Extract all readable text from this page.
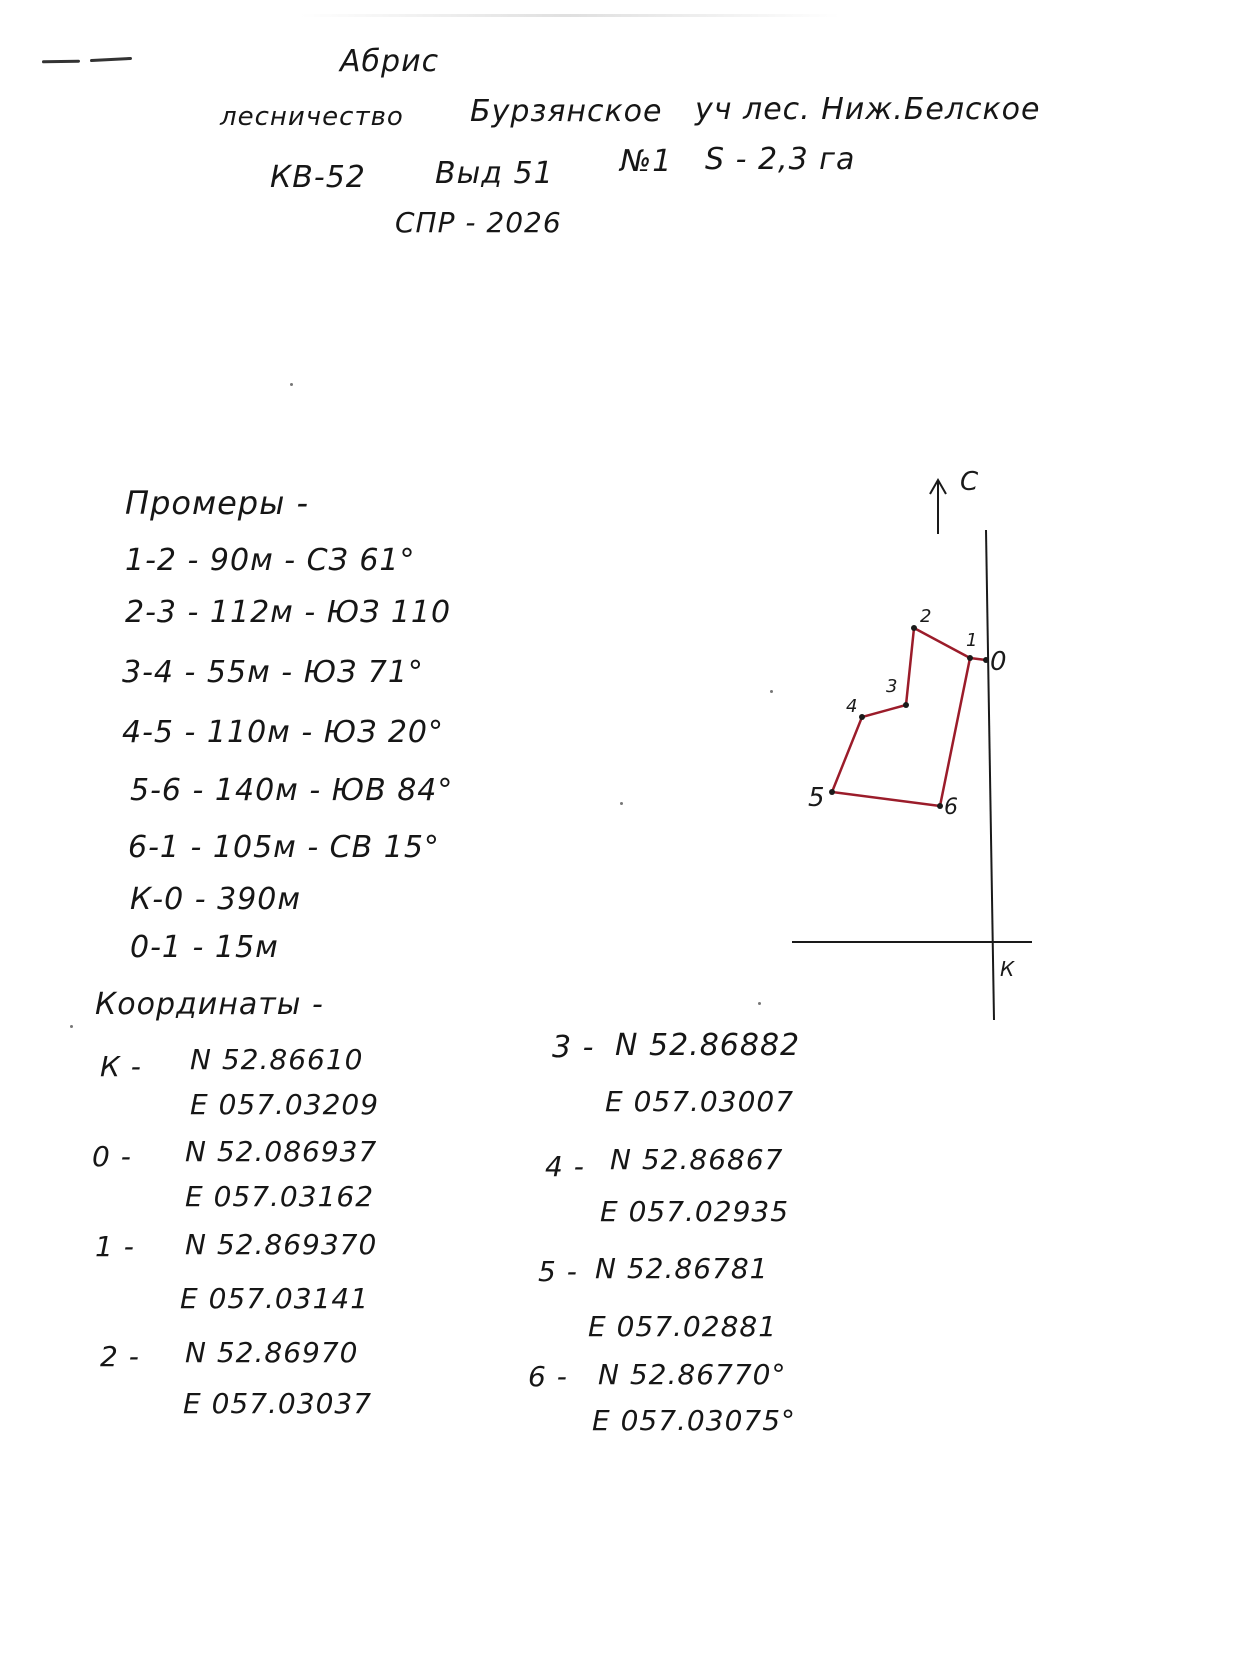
Абрис
лесничество Бурзянское уч лес. Ниж.Белское
КВ-52 Выд 51 №1 S - 2,3 га
СПР - 2026
Промеры -
1-2 - 90м - СЗ 61°
2-3 - 112м - ЮЗ 110
3-4 - 55м - ЮЗ 71°
4-5 - 110м - ЮЗ 20°
5-6 - 140м - ЮВ 84°
6-1 - 105м - СВ 15°
К-0 - 390м
0-1 - 15м
Координаты -
К - N 52.86610
E 057.03209
0 - N 52.086937
E 057.03162
1 - N 52.869370
E 057.03141
2 - N 52.86970
E 057.03037
3 - N 52.86882
E 057.03007
4 - N 52.86867
E 057.02935
5 - N 52.86781
E 057.02881
6 - N 52.86770°
E 057.03075°
С
1
2
3
4
5	6
0
К
